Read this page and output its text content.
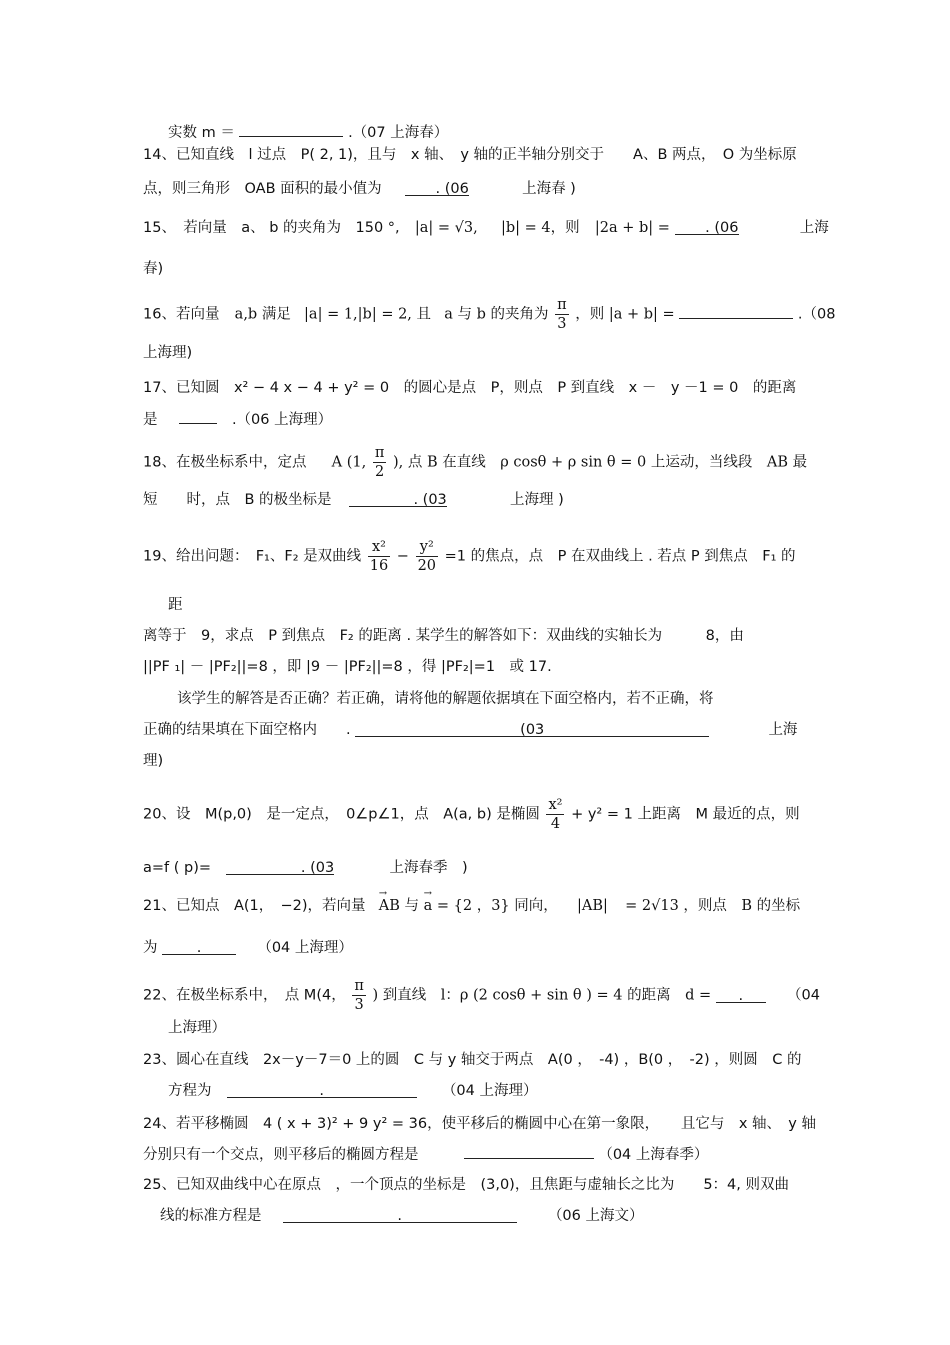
实数 m ＝	.（07 上海春）
14、已知直线　l 过点　P( 2, 1)，且与　x 轴、　y 轴的正半轴分别交于　　A、B 两点，　O 为坐标原
点，则三角形　OAB 面积的最小值为	. (06	上海春 )
15、　若向量　a、 b 的夹角为　150 °, |a| = √3, |b| = 4，则 |2a + b| = . (06	上海
春)
16、若向量 a,b 满足 |a| = 1,|b| = 2, 且 a 与 b 的夹角为 $\frac{\pi}{3}$ ，则 |a + b| =	.（08
上海理)
17、已知圆　x² − 4 x − 4 + y² = 0　的圆心是点　P，则点　P 到直线　x －　y －1 = 0　的距离
是	.（06 上海理）
18、在极坐标系中，定点 A (1, $\frac{\pi}{2}$ ), 点 B 在直线　ρ cosθ + ρ sin θ = 0 上运动，当线段　AB 最
短　　时，点　B 的极坐标是	. (03	上海理 )
19、给出问题：　F₁、F₂ 是双曲线 $\frac{\text{x²}}{16} - \frac{\text{y²}}{20} =1$ 的焦点，点　P 在双曲线上 . 若点 P 到焦点　F₁ 的
距
离等于　9，求点　P 到焦点　F₂ 的距离 . 某学生的解答如下：双曲线的实轴长为　　　8，由
||PF ₁| － |PF₂||=8 ，即 |9 － |PF₂||=8 ，得 |PF₂|=1　或 17.
该学生的解答是否正确？若正确，请将他的解题依据填在下面空格内，若不正确，将
正确的结果填在下面空格内　　.	(03	上海
理)
20、设　M(p,0)　是一定点，　0∠p∠1，点　A(a, b) 是椭圆 $\frac{\text{x²}}{4} + y^2 = 1$ 上距离　M 最近的点，则
a=f ( p)=	. (03	上海春季　)
21、已知点　A(1，　−2)，若向量 → AB 与 → a = {2 ，3} 同向， |AB| = 2√13 ，则点　B 的坐标
为	.	（04 上海理）
22、在极坐标系中，　点 M(4， $\frac{\pi}{3}$ ) 到直线　l：ρ (2 cosθ + sin θ ) = 4 的距离　d = .	（04
上海理）
23、圆心在直线　2x－y－7＝0 上的圆　C 与 y 轴交于两点　A(0 ，　-4) ，B(0 ，　-2) ，则圆　C 的
方程为	.	（04 上海理）
24、若平移椭圆　4 ( x + 3)² + 9 y² = 36，使平移后的椭圆中心在第一象限，　　且它与　x 轴、　y 轴
分别只有一个交点，则平移后的椭圆方程是	（04 上海春季）
25、已知双曲线中心在原点　，一个顶点的坐标是　(3,0)，且焦距与虚轴长之比为　　5：4, 则双曲
线的标准方程是	.	（06 上海文）
